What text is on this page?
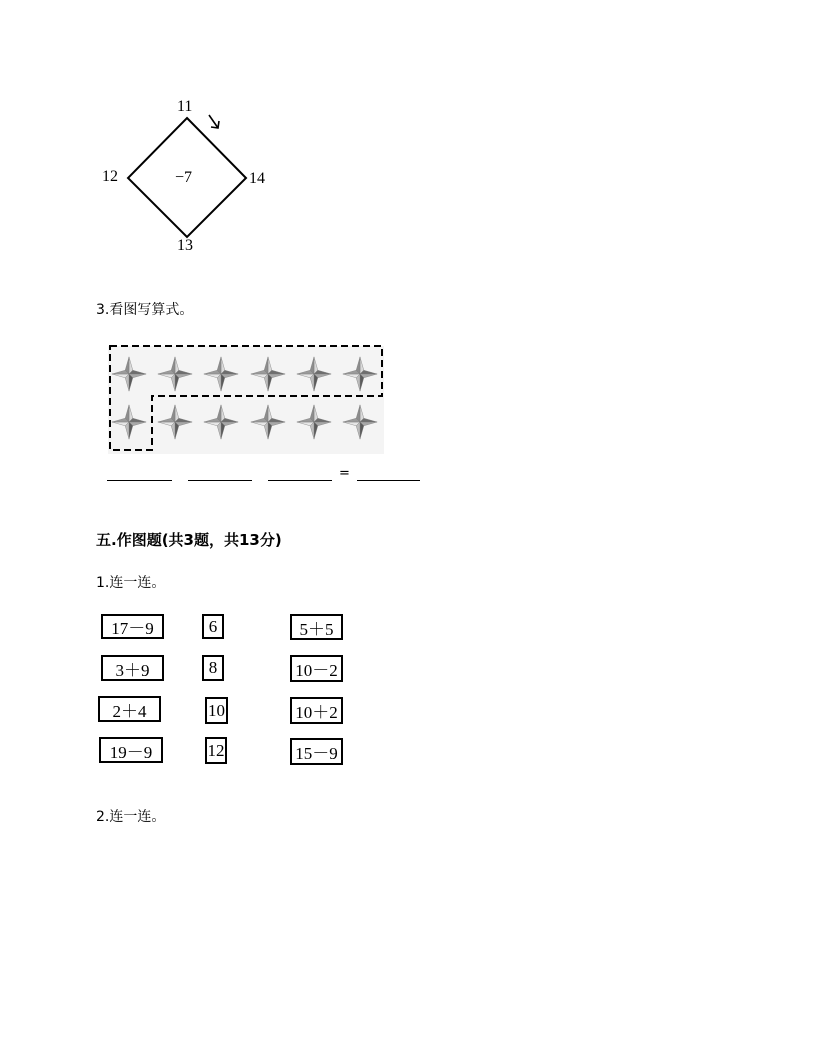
11
12	14
13
−7
3.看图写算式。
=
五.作图题(共3题，共13分)
1.连一连。
17－9
3＋9
2＋4
19－9
6
8
10
12
5＋5
10－2
10＋2
15－9
2.连一连。
